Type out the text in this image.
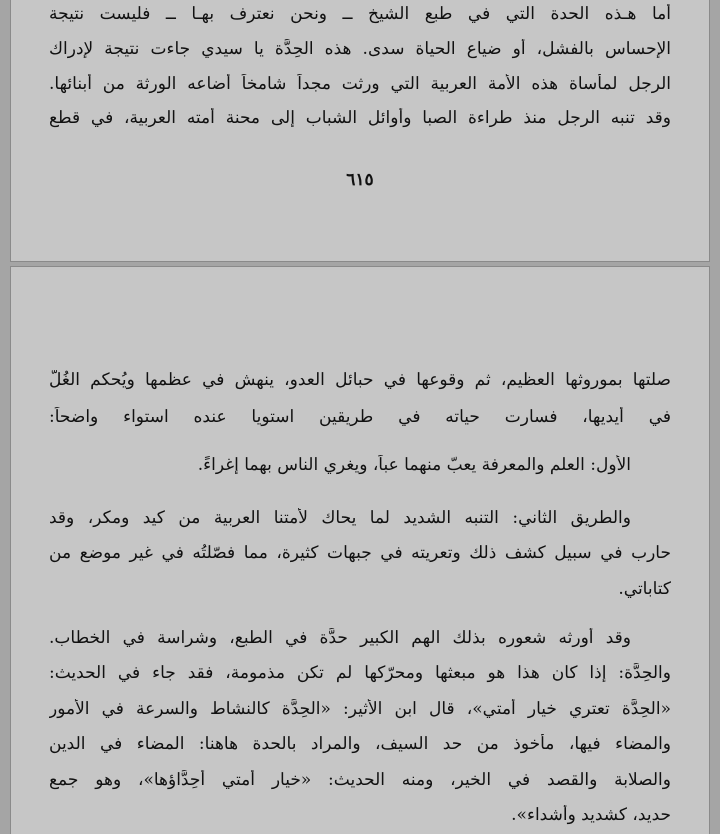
أما هـذه الحدة التي في طبع الشيخ ــ ونحن نعترف بهـا ــ فليست نتيجة
الإحساس بالفشل، أو ضياع الحياة سدى. هذه الحِدَّة يا سيدي جاءت نتيجة لإدراك
الرجل لمأساة هذه الأمة العربية التي ورثت مجداً شامخاً أضاعه الورثة من أبنائها.
وقد تنبه الرجل منذ طراءة الصبا وأوائل الشباب إلى محنة أمته العربية، في قطع
٦١٥
صلتها بموروثها العظيم، ثم وقوعها في حبائل العدو، ينهش في عظمها ويُحكم الغُلَّ
في أيديها، فسارت حياته في طريقين استويا عنده استواء واضحاً:
الأول: العلم والمعرفة يعبّ منهما عباً، ويغري الناس بهما إغراءً.
والطريق الثاني: التنبه الشديد لما يحاك لأمتنا العربية من كيد ومكر، وقد
حارب في سبيل كشف ذلك وتعريته في جبهات كثيرة، مما فصّلتُه في غير موضع من
كتاباتي.
وقد أورثه شعوره بذلك الهم الكبير حدَّة في الطبع، وشراسة في الخطاب.
والحِدَّة: إذا كان هذا هو مبعثها ومحرّكها لم تكن مذمومة، فقد جاء في الحديث:
«الحِدَّة تعتري خيار أمتي»، قال ابن الأثير: «الحِدَّة كالنشاط والسرعة في الأمور
والمضاء فيها، مأخوذ من حد السيف، والمراد بالحدة هاهنا: المضاء في الدين
والصلابة والقصد في الخير، ومنه الحديث: «خيار أمتي أحِدَّاؤها»، وهو جمع
حديد، كشديد وأشداء».
